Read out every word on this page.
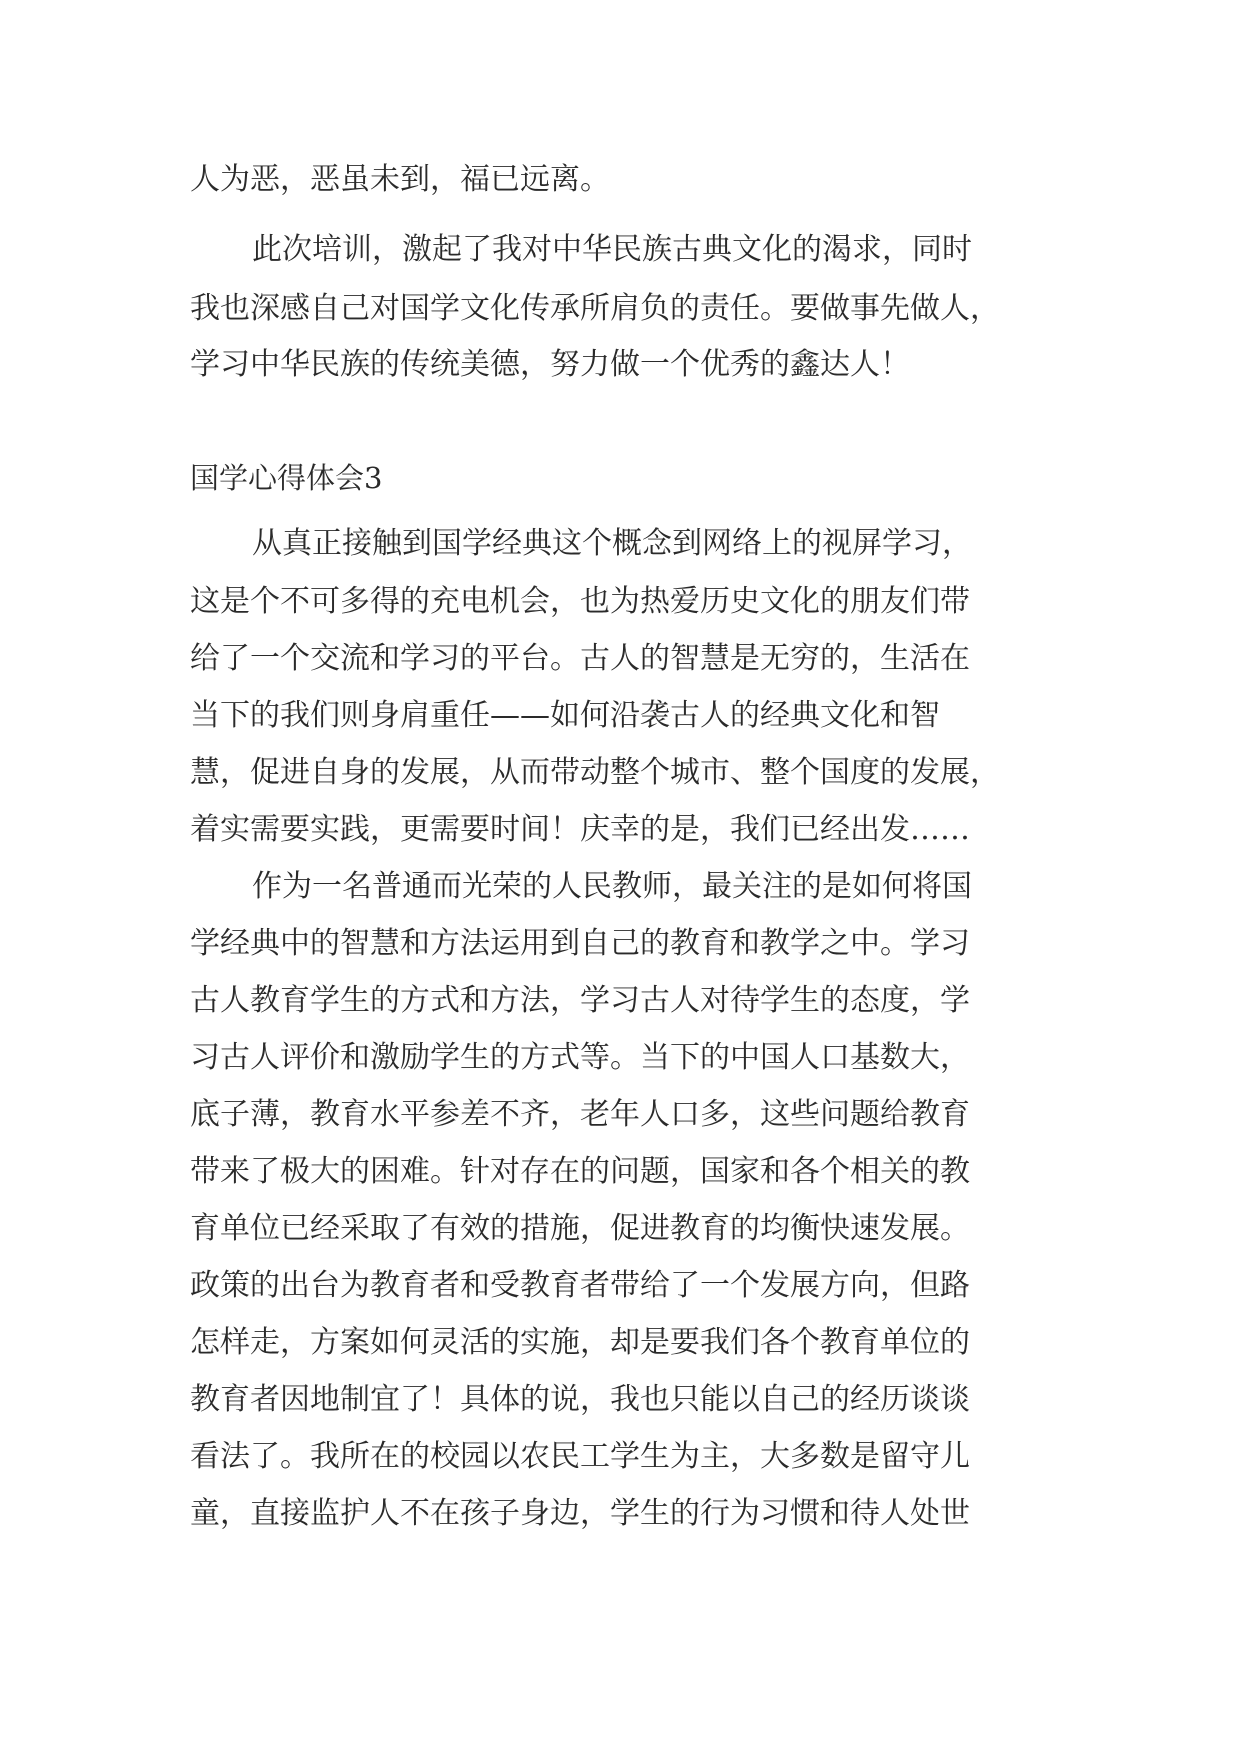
人为恶，恶虽未到，福已远离。

此次培训，激起了我对中华民族古典文化的渴求，同时

我也深感自己对国学文化传承所肩负的责任。要做事先做人，

学习中华民族的传统美德，努力做一个优秀的鑫达人！

国学心得体会3

从真正接触到国学经典这个概念到网络上的视屏学习，

这是个不可多得的充电机会，也为热爱历史文化的朋友们带

给了一个交流和学习的平台。古人的智慧是无穷的，生活在

当下的我们则身肩重任——如何沿袭古人的经典文化和智

慧，促进自身的发展，从而带动整个城市、整个国度的发展，

着实需要实践，更需要时间！庆幸的是，我们已经出发……

作为一名普通而光荣的人民教师，最关注的是如何将国

学经典中的智慧和方法运用到自己的教育和教学之中。学习

古人教育学生的方式和方法，学习古人对待学生的态度，学

习古人评价和激励学生的方式等。当下的中国人口基数大，

底子薄，教育水平参差不齐，老年人口多，这些问题给教育

带来了极大的困难。针对存在的问题，国家和各个相关的教

育单位已经采取了有效的措施，促进教育的均衡快速发展。

政策的出台为教育者和受教育者带给了一个发展方向，但路

怎样走，方案如何灵活的实施，却是要我们各个教育单位的

教育者因地制宜了！具体的说，我也只能以自己的经历谈谈

看法了。我所在的校园以农民工学生为主，大多数是留守儿

童，直接监护人不在孩子身边，学生的行为习惯和待人处世
